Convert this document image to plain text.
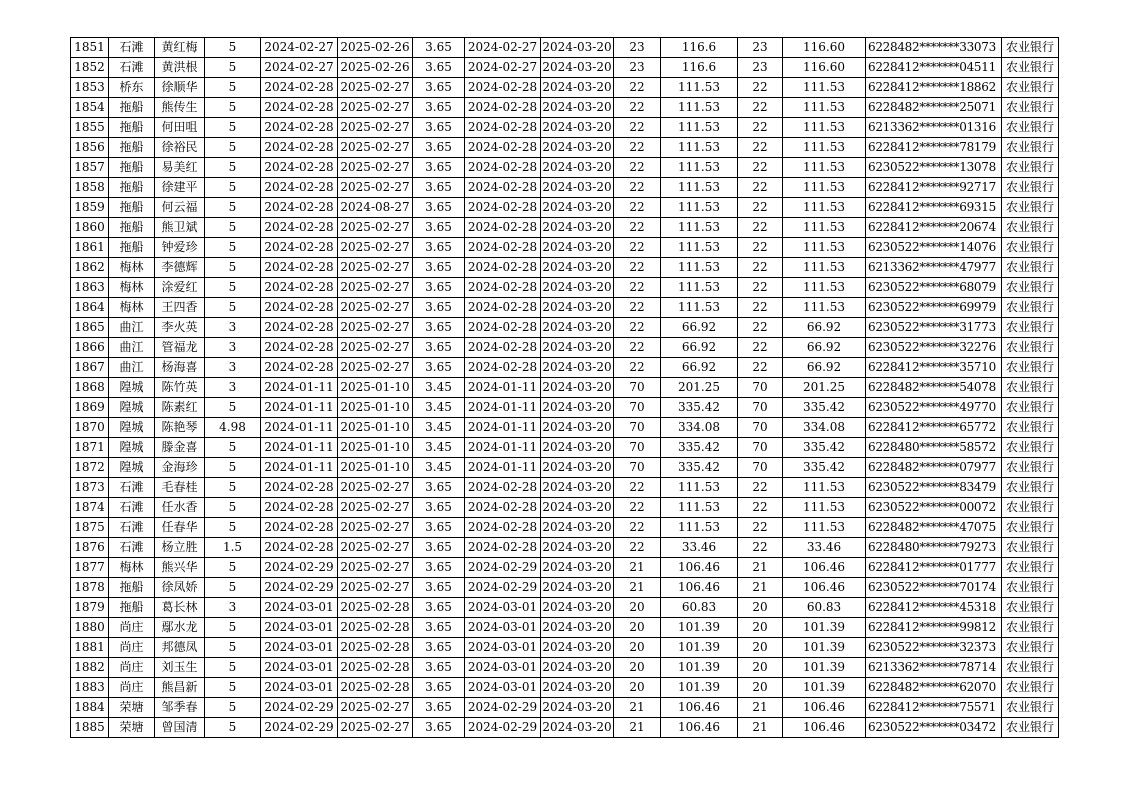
1851	石滩	黄红梅	5	2024-02-27	2025-02-26	3.65	2024-02-27	2024-03-20	23	116.6	23	116.60	6228482*******33073	农业银行
1852	石滩	黄洪根	5	2024-02-27	2025-02-26	3.65	2024-02-27	2024-03-20	23	116.6	23	116.60	6228412*******04511	农业银行
1853	桥东	徐顺华	5	2024-02-28	2025-02-27	3.65	2024-02-28	2024-03-20	22	111.53	22	111.53	6228412*******18862	农业银行
1854	拖船	熊传生	5	2024-02-28	2025-02-27	3.65	2024-02-28	2024-03-20	22	111.53	22	111.53	6228482*******25071	农业银行
1855	拖船	何田咀	5	2024-02-28	2025-02-27	3.65	2024-02-28	2024-03-20	22	111.53	22	111.53	6213362*******01316	农业银行
1856	拖船	徐裕民	5	2024-02-28	2025-02-27	3.65	2024-02-28	2024-03-20	22	111.53	22	111.53	6228412*******78179	农业银行
1857	拖船	易美红	5	2024-02-28	2025-02-27	3.65	2024-02-28	2024-03-20	22	111.53	22	111.53	6230522*******13078	农业银行
1858	拖船	徐建平	5	2024-02-28	2025-02-27	3.65	2024-02-28	2024-03-20	22	111.53	22	111.53	6228412*******92717	农业银行
1859	拖船	何云福	5	2024-02-28	2024-08-27	3.65	2024-02-28	2024-03-20	22	111.53	22	111.53	6228412*******69315	农业银行
1860	拖船	熊卫斌	5	2024-02-28	2025-02-27	3.65	2024-02-28	2024-03-20	22	111.53	22	111.53	6228412*******20674	农业银行
1861	拖船	钟爱珍	5	2024-02-28	2025-02-27	3.65	2024-02-28	2024-03-20	22	111.53	22	111.53	6230522*******14076	农业银行
1862	梅林	李德辉	5	2024-02-28	2025-02-27	3.65	2024-02-28	2024-03-20	22	111.53	22	111.53	6213362*******47977	农业银行
1863	梅林	涂爱红	5	2024-02-28	2025-02-27	3.65	2024-02-28	2024-03-20	22	111.53	22	111.53	6230522*******68079	农业银行
1864	梅林	王四香	5	2024-02-28	2025-02-27	3.65	2024-02-28	2024-03-20	22	111.53	22	111.53	6230522*******69979	农业银行
1865	曲江	李火英	3	2024-02-28	2025-02-27	3.65	2024-02-28	2024-03-20	22	66.92	22	66.92	6230522*******31773	农业银行
1866	曲江	管福龙	3	2024-02-28	2025-02-27	3.65	2024-02-28	2024-03-20	22	66.92	22	66.92	6230522*******32276	农业银行
1867	曲江	杨海喜	3	2024-02-28	2025-02-27	3.65	2024-02-28	2024-03-20	22	66.92	22	66.92	6228412*******35710	农业银行
1868	隍城	陈竹英	3	2024-01-11	2025-01-10	3.45	2024-01-11	2024-03-20	70	201.25	70	201.25	6228482*******54078	农业银行
1869	隍城	陈素红	5	2024-01-11	2025-01-10	3.45	2024-01-11	2024-03-20	70	335.42	70	335.42	6230522*******49770	农业银行
1870	隍城	陈艳琴	4.98	2024-01-11	2025-01-10	3.45	2024-01-11	2024-03-20	70	334.08	70	334.08	6228412*******65772	农业银行
1871	隍城	滕金喜	5	2024-01-11	2025-01-10	3.45	2024-01-11	2024-03-20	70	335.42	70	335.42	6228480*******58572	农业银行
1872	隍城	金海珍	5	2024-01-11	2025-01-10	3.45	2024-01-11	2024-03-20	70	335.42	70	335.42	6228482*******07977	农业银行
1873	石滩	毛春桂	5	2024-02-28	2025-02-27	3.65	2024-02-28	2024-03-20	22	111.53	22	111.53	6230522*******83479	农业银行
1874	石滩	任水香	5	2024-02-28	2025-02-27	3.65	2024-02-28	2024-03-20	22	111.53	22	111.53	6230522*******00072	农业银行
1875	石滩	任春华	5	2024-02-28	2025-02-27	3.65	2024-02-28	2024-03-20	22	111.53	22	111.53	6228482*******47075	农业银行
1876	石滩	杨立胜	1.5	2024-02-28	2025-02-27	3.65	2024-02-28	2024-03-20	22	33.46	22	33.46	6228480*******79273	农业银行
1877	梅林	熊兴华	5	2024-02-29	2025-02-27	3.65	2024-02-29	2024-03-20	21	106.46	21	106.46	6228412*******01777	农业银行
1878	拖船	徐凤娇	5	2024-02-29	2025-02-27	3.65	2024-02-29	2024-03-20	21	106.46	21	106.46	6230522*******70174	农业银行
1879	拖船	葛长林	3	2024-03-01	2025-02-28	3.65	2024-03-01	2024-03-20	20	60.83	20	60.83	6228412*******45318	农业银行
1880	尚庄	鄢水龙	5	2024-03-01	2025-02-28	3.65	2024-03-01	2024-03-20	20	101.39	20	101.39	6228412*******99812	农业银行
1881	尚庄	邦德凤	5	2024-03-01	2025-02-28	3.65	2024-03-01	2024-03-20	20	101.39	20	101.39	6230522*******32373	农业银行
1882	尚庄	刘玉生	5	2024-03-01	2025-02-28	3.65	2024-03-01	2024-03-20	20	101.39	20	101.39	6213362*******78714	农业银行
1883	尚庄	熊昌新	5	2024-03-01	2025-02-28	3.65	2024-03-01	2024-03-20	20	101.39	20	101.39	6228482*******62070	农业银行
1884	荣塘	邹季春	5	2024-02-29	2025-02-27	3.65	2024-02-29	2024-03-20	21	106.46	21	106.46	6228412*******75571	农业银行
1885	荣塘	曾国清	5	2024-02-29	2025-02-27	3.65	2024-02-29	2024-03-20	21	106.46	21	106.46	6230522*******03472	农业银行
